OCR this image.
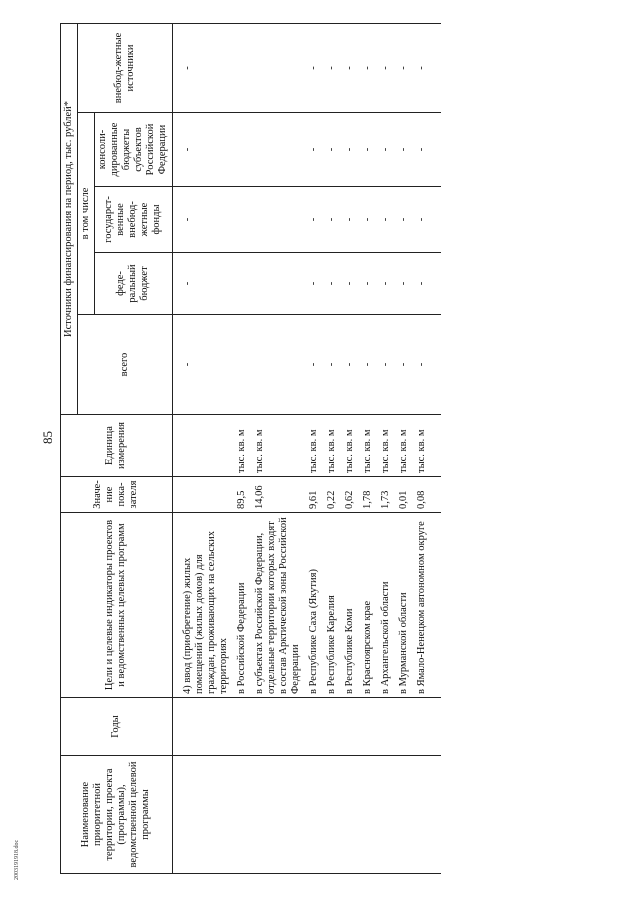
85
2003191918.doc
Наименование приоритетной территории, проекта (программы), ведомственной целевой программы	Годы	Цели и целевые индикаторы проектов и ведомственных целевых программ	Значе-ние пока-зателя	Единица измерения	Источники финансирования на период, тыс. рублей*				
					всего	в том числе			внебюд-жетные источники
						феде-ральный бюджет	государст-венные внебюд-жетные фонды	консоли-дированные бюджеты субъектов Российской Федерации	

		4) ввод (приобретение) жилых помещений (жилых домов) для граждан, проживающих на сельских территориях			-	-	-	-	-
		в Российской Федерации	89,5	тыс. кв. м					
		в субъектах Российской Федерации, отдельные территории которых входят в состав Арктической зоны Российской Федерации	14,06	тыс. кв. м					
		в Республике Саха (Якутия)	9,61	тыс. кв. м	-	-	-	-	-
		в Республике Карелия	0,22	тыс. кв. м	-	-	-	-	-
		в Республике Коми	0,62	тыс. кв. м	-	-	-	-	-
		в Красноярском крае	1,78	тыс. кв. м	-	-	-	-	-
		в Архангельской области	1,73	тыс. кв. м	-	-	-	-	-
		в Мурманской области	0,01	тыс. кв. м	-	-	-	-	-
		в Ямало-Ненецком автономном округе	0,08	тыс. кв. м	-	-	-	-	-
